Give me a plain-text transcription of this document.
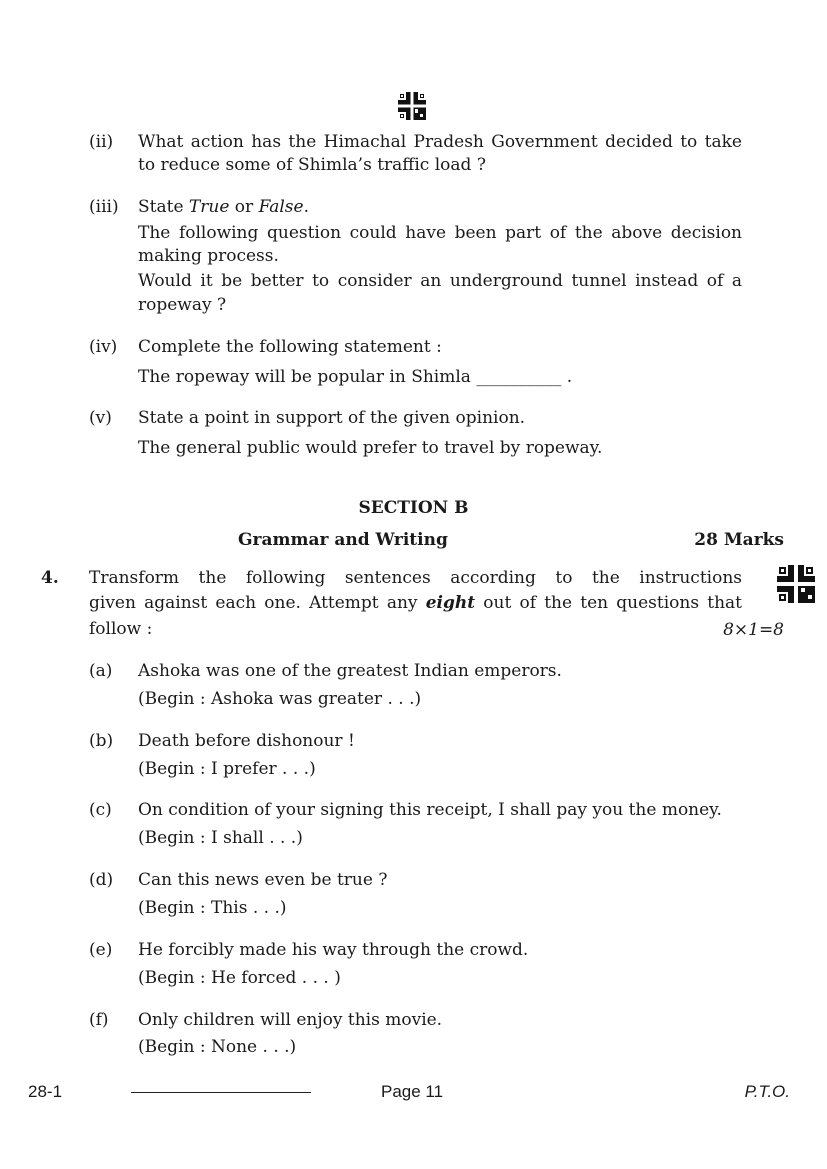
(ii) What action has the Himachal Pradesh Government decided to take
to reduce some of Shimla’s traffic load ?
(iii) State True or False.
The following question could have been part of the above decision
making process.
Would it be better to consider an underground tunnel instead of a
ropeway ?
(iv) Complete the following statement :
The ropeway will be popular in Shimla __________ .
(v) State a point in support of the given opinion.
The general public would prefer to travel by ropeway.
SECTION B
Grammar and Writing	28 Marks
4. Transform the following sentences according to the instructions
given against each one. Attempt any eight out of the ten questions that
follow :	8×1=8
(a) Ashoka was one of the greatest Indian emperors.
(Begin : Ashoka was greater . . .)
(b) Death before dishonour !
(Begin : I prefer . . .)
(c) On condition of your signing this receipt, I shall pay you the money.
(Begin : I shall . . .)
(d) Can this news even be true ?
(Begin : This . . .)
(e) He forcibly made his way through the crowd.
(Begin : He forced . . . )
(f) Only children will enjoy this movie.
(Begin : None . . .)
28-1	Page 11	P.T.O.
